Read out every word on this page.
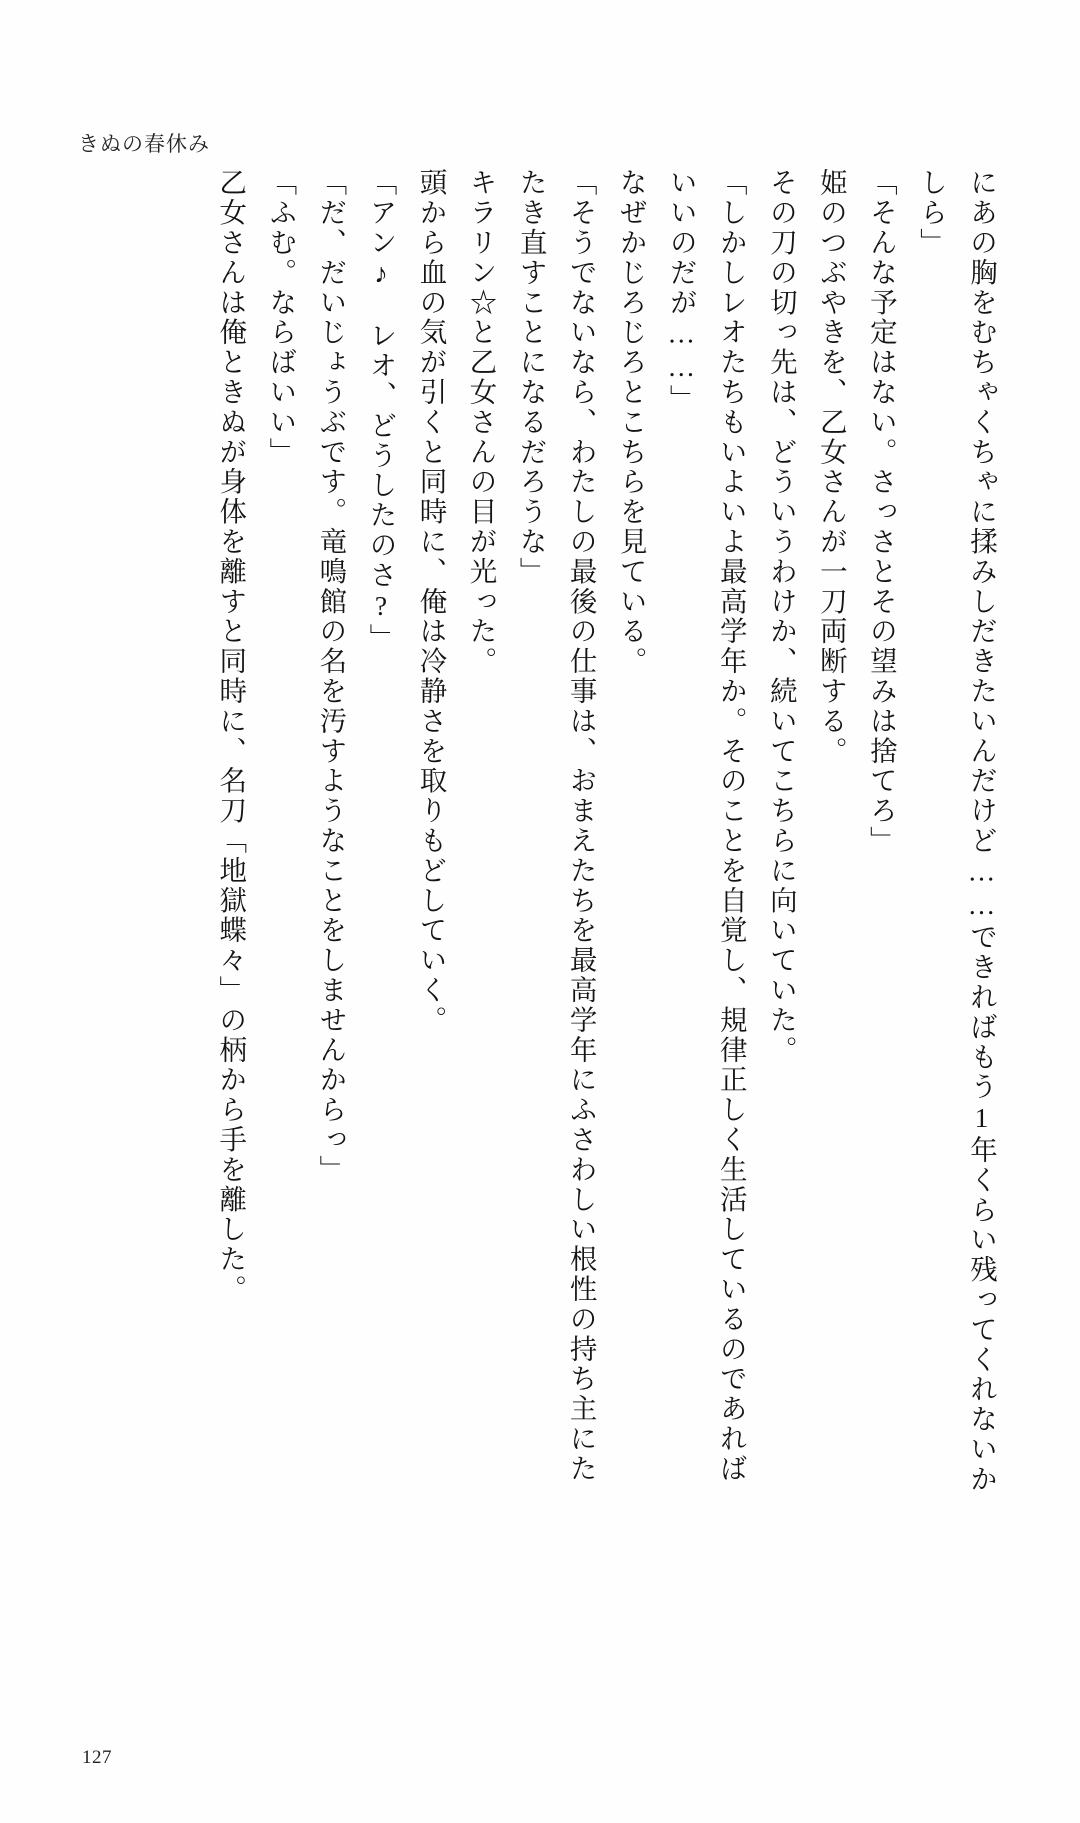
きぬの春休み

にあの胸をむちゃくちゃに揉みしだきたいんだけど……できればもう1年くらい残ってくれないかしら」

「そんな予定はない。さっさとその望みは捨てろ」

姫のつぶやきを、乙女さんが一刀両断する。

その刀の切っ先は、どういうわけか、続いてこちらに向いていた。

「しかしレオたちもいよいよ最高学年か。そのことを自覚し、規律正しく生活しているのであればいいのだが……」

なぜかじろじろとこちらを見ている。

「そうでないなら、わたしの最後の仕事は、おまえたちを最高学年にふさわしい根性の持ち主にたたき直すことになるだろうな」

キラリン☆と乙女さんの目が光った。

頭から血の気が引くと同時に、俺は冷静さを取りもどしていく。

「アン♪　レオ、どうしたのさ?」

「だ、だいじょうぶです。竜鳴館の名を汚すようなことをしませんからっ」

「ふむ。ならばいい」

乙女さんは俺ときぬが身体を離すと同時に、名刀「地獄蝶々」の柄から手を離した。

127
